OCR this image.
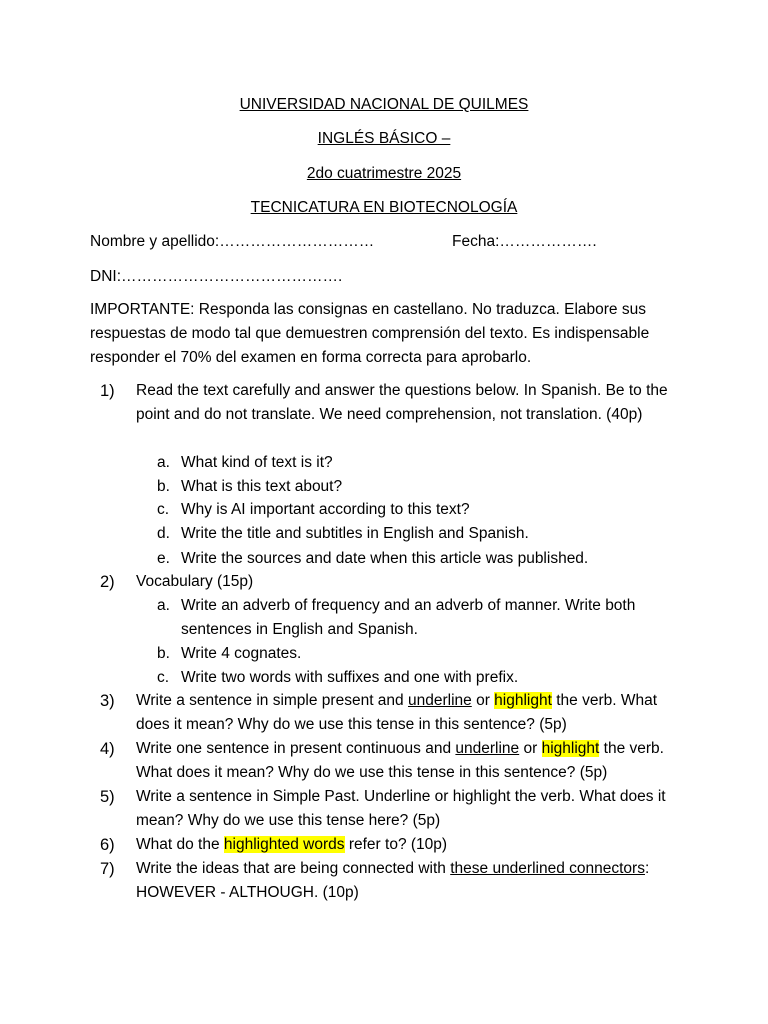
UNIVERSIDAD NACIONAL DE QUILMES
INGLÉS BÁSICO –
2do cuatrimestre 2025
TECNICATURA EN BIOTECNOLOGÍA
Nombre y apellido:…………………………	Fecha:……………….
DNI:…………………………………….
IMPORTANTE: Responda las consignas en castellano. No traduzca. Elabore sus respuestas de modo tal que demuestren comprensión del texto. Es indispensable responder el 70% del examen en forma correcta para aprobarlo.
1) Read the text carefully and answer the questions below. In Spanish. Be to the point and do not translate. We need comprehension, not translation. (40p)
a. What kind of text is it?
b. What is this text about?
c. Why is AI important according to this text?
d. Write the title and subtitles in English and Spanish.
e. Write the sources and date when this article was published.
2) Vocabulary (15p)
a. Write an adverb of frequency and an adverb of manner. Write both sentences in English and Spanish.
b. Write 4 cognates.
c. Write two words with suffixes and one with prefix.
3) Write a sentence in simple present and underline or highlight the verb. What does it mean? Why do we use this tense in this sentence? (5p)
4) Write one sentence in present continuous and underline or highlight the verb. What does it mean? Why do we use this tense in this sentence? (5p)
5) Write a sentence in Simple Past. Underline or highlight the verb. What does it mean? Why do we use this tense here? (5p)
6) What do the highlighted words refer to? (10p)
7) Write the ideas that are being connected with these underlined connectors: HOWEVER - ALTHOUGH. (10p)
